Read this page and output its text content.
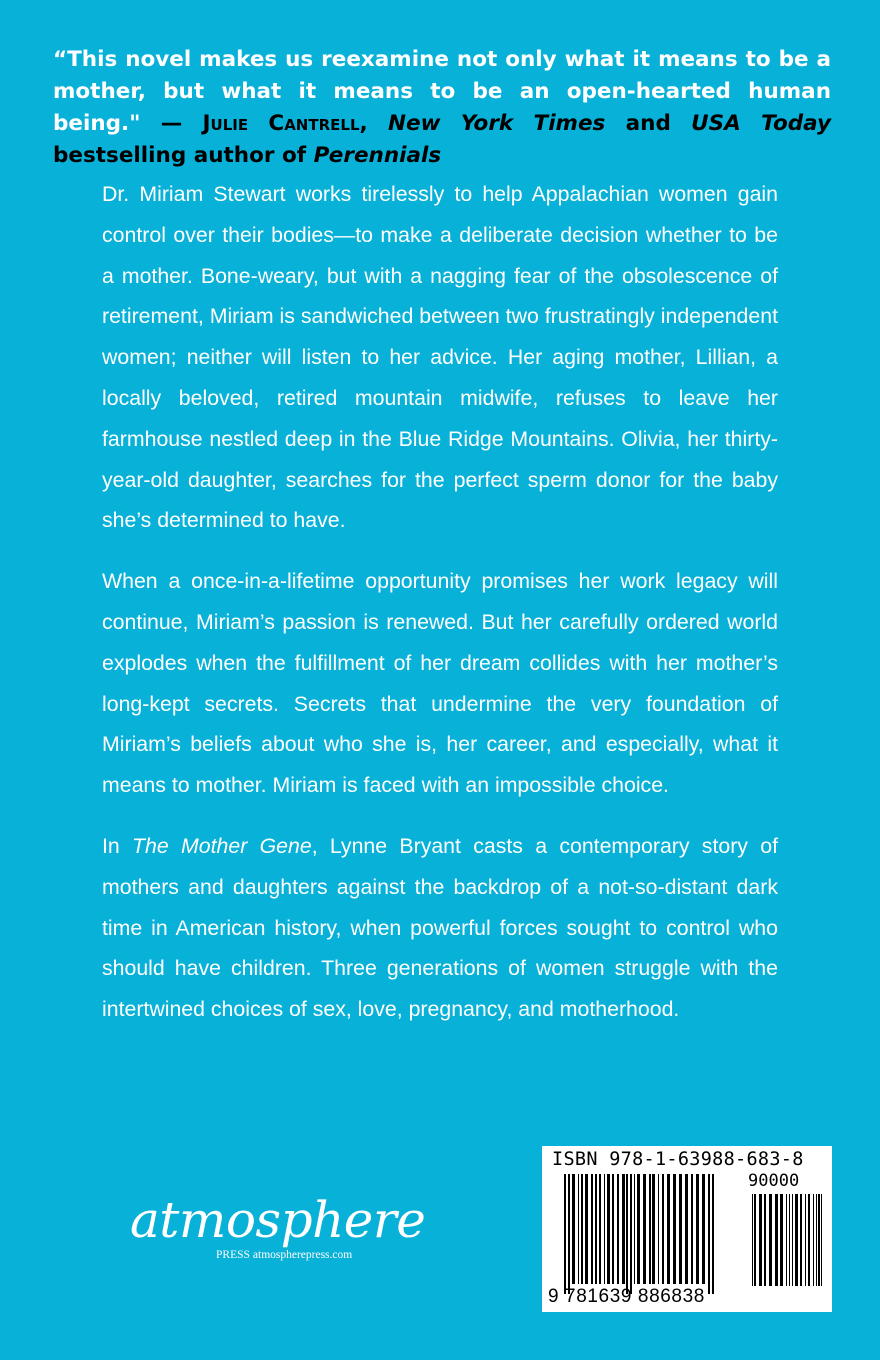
“This novel makes us reexamine not only what it means to be a mother, but what it means to be an open-hearted human being." — Julie Cantrell, New York Times and USA Today bestselling author of Perennials

Dr. Miriam Stewart works tirelessly to help Appalachian women gain control over their bodies—to make a deliberate decision whether to be a mother. Bone-weary, but with a nagging fear of the obsolescence of retirement, Miriam is sandwiched between two frustratingly independent women; neither will listen to her advice. Her aging mother, Lillian, a locally beloved, retired mountain midwife, refuses to leave her farmhouse nestled deep in the Blue Ridge Mountains. Olivia, her thirty-year-old daughter, searches for the perfect sperm donor for the baby she’s determined to have.

When a once-in-a-lifetime opportunity promises her work legacy will continue, Miriam’s passion is renewed. But her carefully ordered world explodes when the fulfillment of her dream collides with her mother’s long-kept secrets. Secrets that undermine the very foundation of Miriam’s beliefs about who she is, her career, and especially, what it means to mother. Miriam is faced with an impossible choice.

In The Mother Gene, Lynne Bryant casts a contemporary story of mothers and daughters against the backdrop of a not-so-distant dark time in American history, when powerful forces sought to control who should have children. Three generations of women struggle with the intertwined choices of sex, love, pregnancy, and motherhood.

atmosphere
PRESS atmospherepress.com
ISBN 978-1-63988-683-8
90000
9 781639 886838
